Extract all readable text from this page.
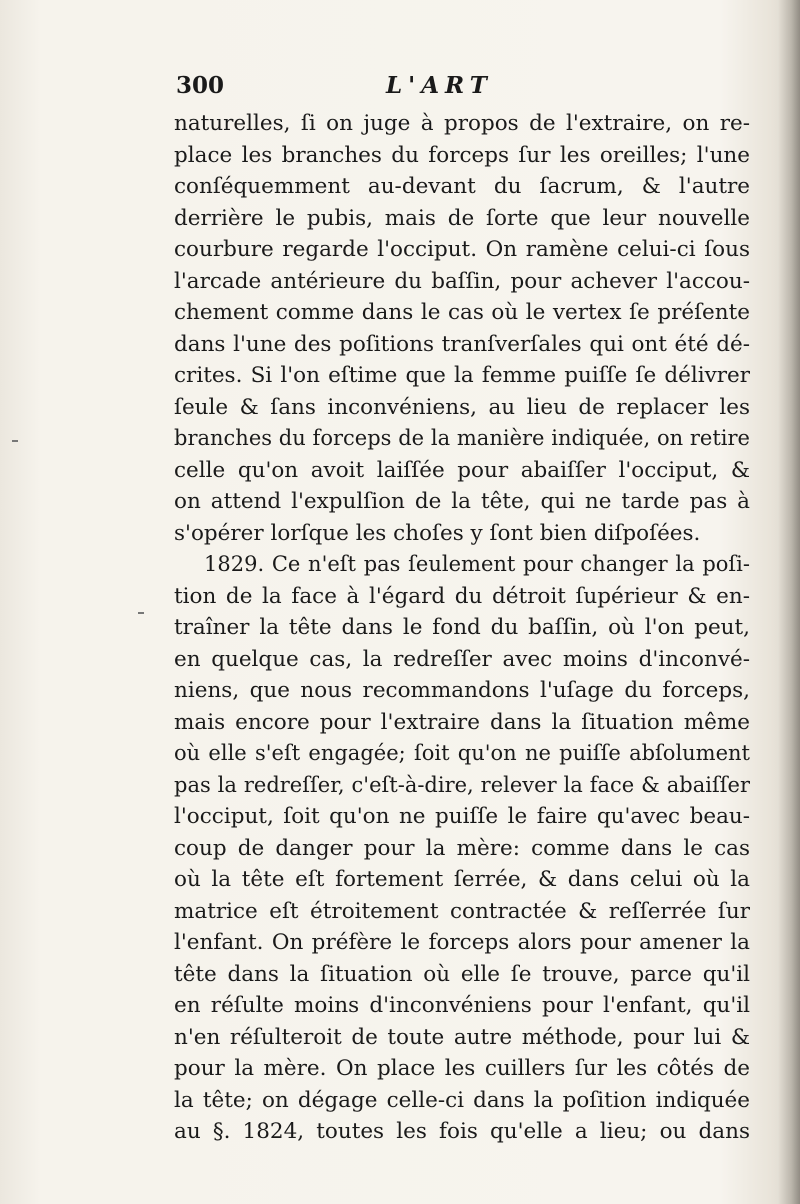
300	L'ART
naturelles, ſi on juge à propos de l'extraire, on re-
place les branches du forceps ſur les oreilles; l'une
conſéquemment au-devant du ſacrum, & l'autre
derrière le pubis, mais de ſorte que leur nouvelle
courbure regarde l'occiput. On ramène celui-ci ſous
l'arcade antérieure du baſſin, pour achever l'accou-
chement comme dans le cas où le vertex ſe préſente
dans l'une des poſitions tranſverſales qui ont été dé-
crites. Si l'on eſtime que la femme puiſſe ſe délivrer
ſeule & ſans inconvéniens, au lieu de replacer les
branches du forceps de la manière indiquée, on retire
celle qu'on avoit laiſſée pour abaiſſer l'occiput, &
on attend l'expulſion de la tête, qui ne tarde pas à
s'opérer lorſque les choſes y ſont bien diſpoſées.
1829. Ce n'eſt pas ſeulement pour changer la poſi-
tion de la face à l'égard du détroit ſupérieur & en-
traîner la tête dans le fond du baſſin, où l'on peut,
en quelque cas, la redreſſer avec moins d'inconvé-
niens, que nous recommandons l'uſage du forceps,
mais encore pour l'extraire dans la ſituation même
où elle s'eſt engagée; ſoit qu'on ne puiſſe abſolument
pas la redreſſer, c'eſt-à-dire, relever la face & abaiſſer
l'occiput, ſoit qu'on ne puiſſe le faire qu'avec beau-
coup de danger pour la mère: comme dans le cas
où la tête eſt fortement ſerrée, & dans celui où la
matrice eſt étroitement contractée & reſſerrée ſur
l'enfant. On préfère le forceps alors pour amener la
tête dans la ſituation où elle ſe trouve, parce qu'il
en réſulte moins d'inconvéniens pour l'enfant, qu'il
n'en réſulteroit de toute autre méthode, pour lui &
pour la mère. On place les cuillers ſur les côtés de
la tête; on dégage celle-ci dans la poſition indiquée
au §. 1824, toutes les fois qu'elle a lieu; ou dans
